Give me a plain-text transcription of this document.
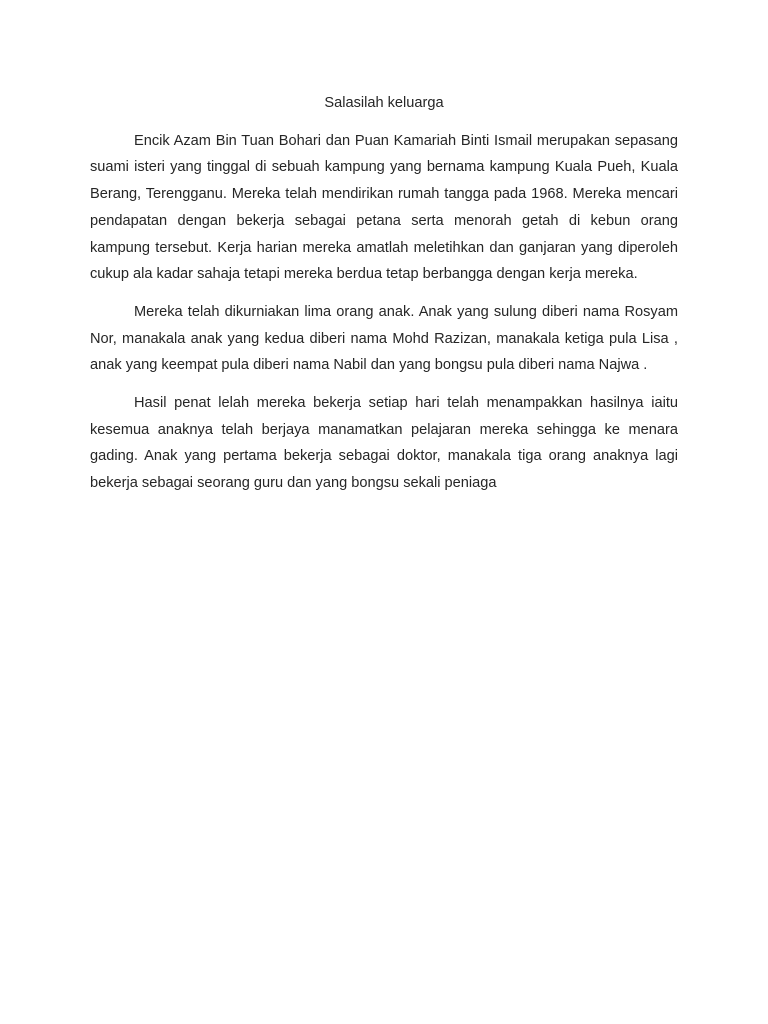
Salasilah keluarga

Encik Azam Bin Tuan Bohari dan Puan Kamariah Binti Ismail merupakan sepasang suami isteri yang tinggal di sebuah kampung yang bernama kampung Kuala Pueh, Kuala Berang, Terengganu. Mereka telah mendirikan rumah tangga pada 1968. Mereka mencari pendapatan dengan bekerja sebagai petana serta menorah getah di kebun orang kampung tersebut. Kerja harian mereka amatlah meletihkan dan ganjaran yang diperoleh cukup ala kadar sahaja tetapi mereka berdua tetap berbangga dengan kerja mereka.

Mereka telah dikurniakan lima orang anak. Anak yang sulung diberi nama Rosyam Nor, manakala anak yang kedua diberi nama Mohd Razizan, manakala ketiga pula Lisa , anak yang keempat pula diberi nama Nabil dan yang bongsu pula diberi nama Najwa .

Hasil penat lelah mereka bekerja setiap hari telah menampakkan hasilnya iaitu kesemua anaknya telah berjaya manamatkan pelajaran mereka sehingga ke menara gading. Anak yang pertama bekerja sebagai doktor, manakala tiga orang anaknya lagi bekerja sebagai seorang guru dan yang bongsu sekali peniaga
